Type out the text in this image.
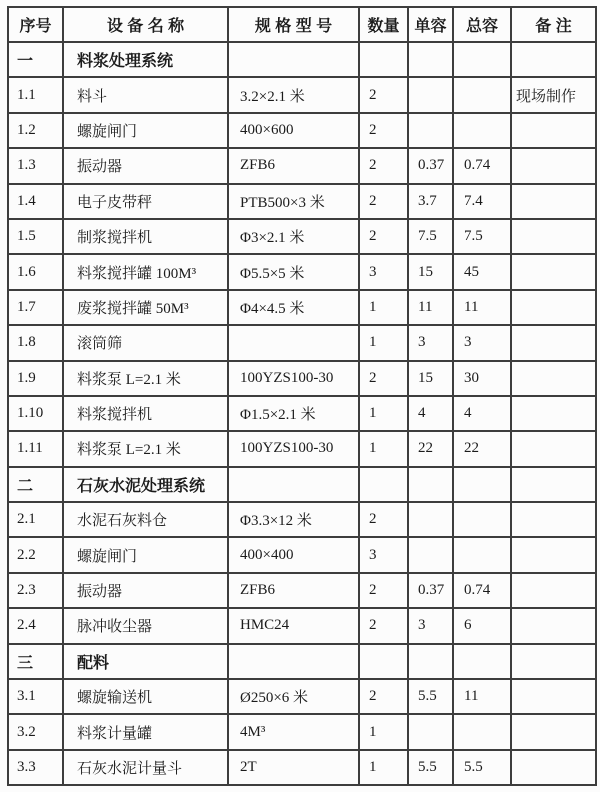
序号	设 备 名 称	规 格 型 号	数量	单容	总容	备 注
一	料浆处理系统					
1.1	料斗	3.2×2.1 米	2			现场制作
1.2	螺旋闸门	400×600	2			
1.3	振动器	ZFB6	2	0.37	0.74	
1.4	电子皮带秤	PTB500×3 米	2	3.7	7.4	
1.5	制浆搅拌机	Φ3×2.1 米	2	7.5	7.5	
1.6	料浆搅拌罐 100M³	Φ5.5×5 米	3	15	45	
1.7	废浆搅拌罐 50M³	Φ4×4.5 米	1	11	11	
1.8	滚筒筛		1	3	3	
1.9	料浆泵 L=2.1 米	100YZS100-30	2	15	30	
1.10	料浆搅拌机	Φ1.5×2.1 米	1	4	4	
1.11	料浆泵 L=2.1 米	100YZS100-30	1	22	22	
二	石灰水泥处理系统					
2.1	水泥石灰料仓	Φ3.3×12 米	2			
2.2	螺旋闸门	400×400	3			
2.3	振动器	ZFB6	2	0.37	0.74	
2.4	脉冲收尘器	HMC24	2	3	6	
三	配料					
3.1	螺旋输送机	Ø250×6 米	2	5.5	11	
3.2	料浆计量罐	4M³	1			
3.3	石灰水泥计量斗	2T	1	5.5	5.5	
